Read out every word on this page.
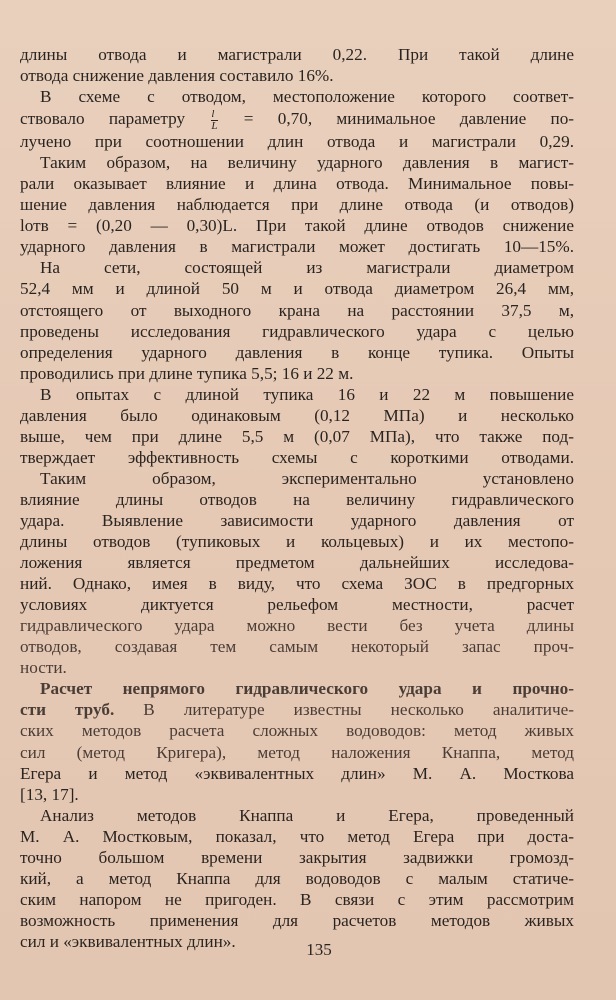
длины отвода и магистрали 0,22. При такой длине
отвода снижение давления составило 16%.
В схеме с отводом, местоположение которого соответ-
ствовало параметру $\frac{l}{L} = 0,70$, минимальное давление по-
лучено при соотношении длин отвода и магистрали 0,29.
Таким образом, на величину ударного давления в магист-
рали оказывает влияние и длина отвода. Минимальное повы-
шение давления наблюдается при длине отвода (и отводов)
lотв = (0,20 — 0,30)L. При такой длине отводов снижение
ударного давления в магистрали может достигать 10—15%.
На сети, состоящей из магистрали диаметром
52,4 мм и длиной 50 м и отвода диаметром 26,4 мм,
отстоящего от выходного крана на расстоянии 37,5 м,
проведены исследования гидравлического удара с целью
определения ударного давления в конце тупика. Опыты
проводились при длине тупика 5,5; 16 и 22 м.
В опытах с длиной тупика 16 и 22 м повышение
давления было одинаковым (0,12 МПа) и несколько
выше, чем при длине 5,5 м (0,07 МПа), что также под-
тверждает эффективность схемы с короткими отводами.
Таким образом, экспериментально установлено
влияние длины отводов на величину гидравлического
удара. Выявление зависимости ударного давления от
длины отводов (тупиковых и кольцевых) и их местопо-
ложения является предметом дальнейших исследова-
ний. Однако, имея в виду, что схема ЗОС в предгорных
условиях диктуется рельефом местности, расчет
гидравлического удара можно вести без учета длины
отводов, создавая тем самым некоторый запас проч-
ности.
Расчет непрямого гидравлического удара и прочно-
сти труб. В литературе известны несколько аналитиче-
ских методов расчета сложных водоводов: метод живых
сил (метод Кригера), метод наложения Кнаппа, метод
Егера и метод «эквивалентных длин» М. А. Мосткова
[13, 17].
Анализ методов Кнаппа и Егера, проведенный
М. А. Мостковым, показал, что метод Егера при доста-
точно большом времени закрытия задвижки громозд-
кий, а метод Кнаппа для водоводов с малым статиче-
ским напором не пригоден. В связи с этим рассмотрим
возможность применения для расчетов методов живых
сил и «эквивалентных длин».	135
